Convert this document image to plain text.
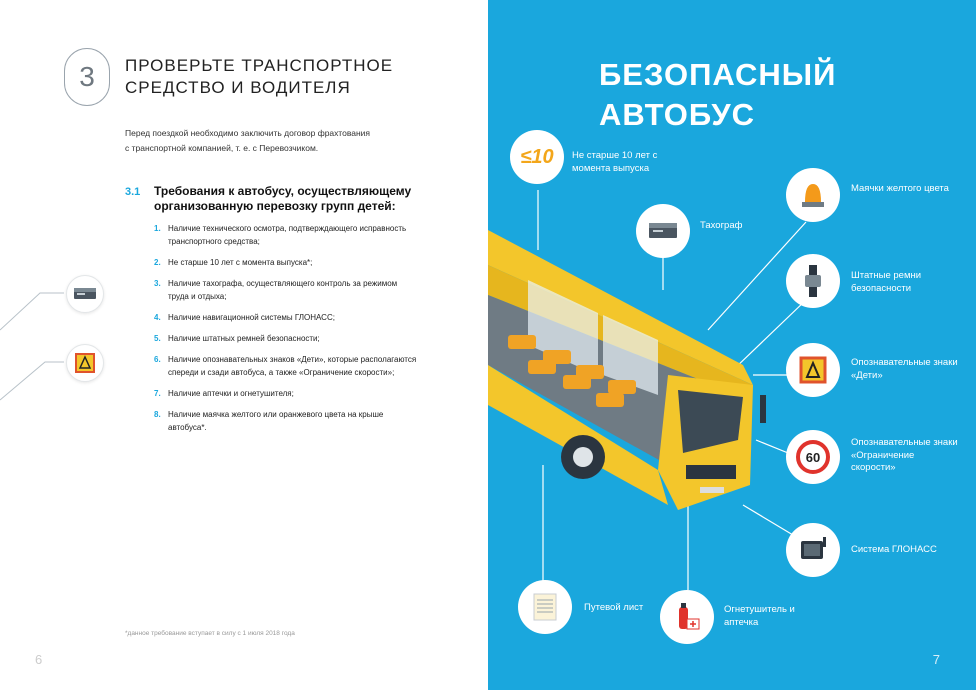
3	ПРОВЕРЬТЕ ТРАНСПОРТНОЕ
СРЕДСТВО И ВОДИТЕЛЯ
Перед поездкой необходимо заключить договор фрахтования
с транспортной компанией, т. е. с Перевозчиком.
3.1 Требования к автобусу, осуществляющему организованную перевозку групп детей:
1. Наличие технического осмотра, подтверждающего исправность транспортного средства;
2. Не старше 10 лет с момента выпуска*;
3. Наличие тахографа, осуществляющего контроль за режимом труда и отдыха;
4. Наличие навигационной системы ГЛОНАСС;
5. Наличие штатных ремней безопасности;
6. Наличие опознавательных знаков «Дети», которые располагаются спереди и сзади автобуса, а также «Ограничение скорости»;
7. Наличие аптечки и огнетушителя;
8. Наличие маячка желтого или оранжевого цвета на крыше автобуса*.
*данное требование вступает в силу с 1 июля 2018 года
6
БЕЗОПАСНЫЙ
АВТОБУС
≤10 Не старше 10 лет с момента выпуска
Тахограф
Маячки желтого цвета
Штатные ремни безопасности
Опознавательные знаки «Дети»
60
Опознавательные знаки «Ограничение скорости»
Система ГЛОНАСС
Путевой лист	Огнетушитель и аптечка
7
